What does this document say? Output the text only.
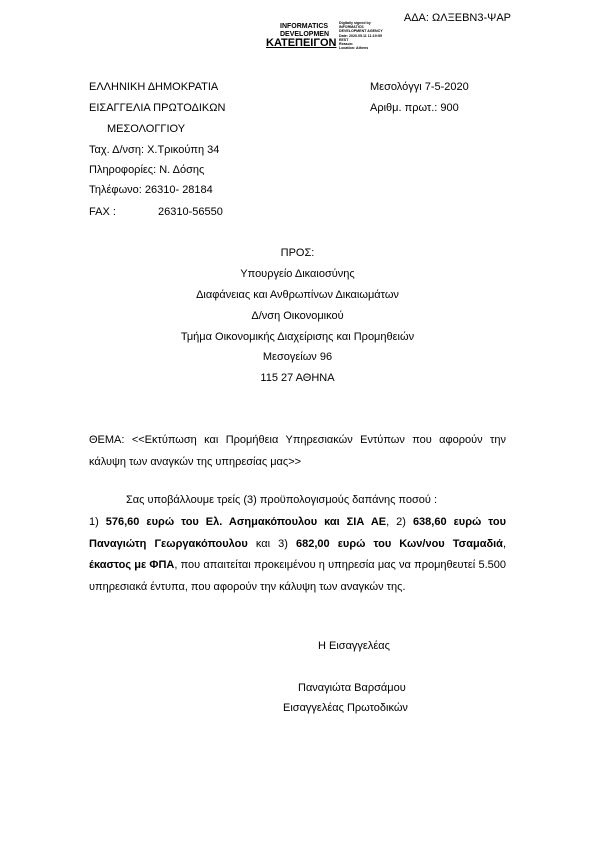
ΑΔΑ: ΩΛΞΕΒΝ3-ΨΑΡ
INFORMATICS
DEVELOPMEN
ΚΑΤΕΠΕΙΓΟΝ
Digitally signed by
INFORMATICS
DEVELOPMENT AGENCY
Date: 2020.05.11 11:19:59
EEST
Reason:
Location: Athens
ΕΛΛΗΝΙΚΗ ΔΗΜΟΚΡΑΤΙΑ
ΕΙΣΑΓΓΕΛΙΑ ΠΡΩΤΟΔΙΚΩΝ
ΜΕΣΟΛΟΓΓΙΟΥ
Ταχ. Δ/νση: Χ.Τρικούπη 34
Πληροφορίες: Ν. Δόσης
Τηλέφωνο: 26310- 28184
FAX :	26310-56550
Μεσολόγγι 7-5-2020
Αριθμ. πρωτ.: 900
ΠΡΟΣ:
Υπουργείο Δικαιοσύνης
Διαφάνειας και Ανθρωπίνων Δικαιωμάτων
Δ/νση Οικονομικού
Τμήμα Οικονομικής Διαχείρισης και Προμηθειών
Μεσογείων 96
115 27 ΑΘΗΝΑ
ΘΕΜΑ: <<Εκτύπωση και Προμήθεια Υπηρεσιακών Εντύπων που αφορούν την κάλυψη των αναγκών της υπηρεσίας μας>>
Σας υποβάλλουμε τρείς (3) προϋπολογισμούς δαπάνης ποσού :

1) 576,60 ευρώ του Ελ. Ασημακόπουλου και ΣΙΑ ΑΕ, 2) 638,60 ευρώ του Παναγιώτη Γεωργακόπουλου και 3) 682,00 ευρώ του Κων/νου Τσαμαδιά, έκαστος με ΦΠΑ, που απαιτείται προκειμένου η υπηρεσία μας να προμηθευτεί 5.500 υπηρεσιακά έντυπα, που αφορούν την κάλυψη των αναγκών της.

Η Εισαγγελέας
Παναγιώτα Βαρσάμου
Εισαγγελέας Πρωτοδικών
